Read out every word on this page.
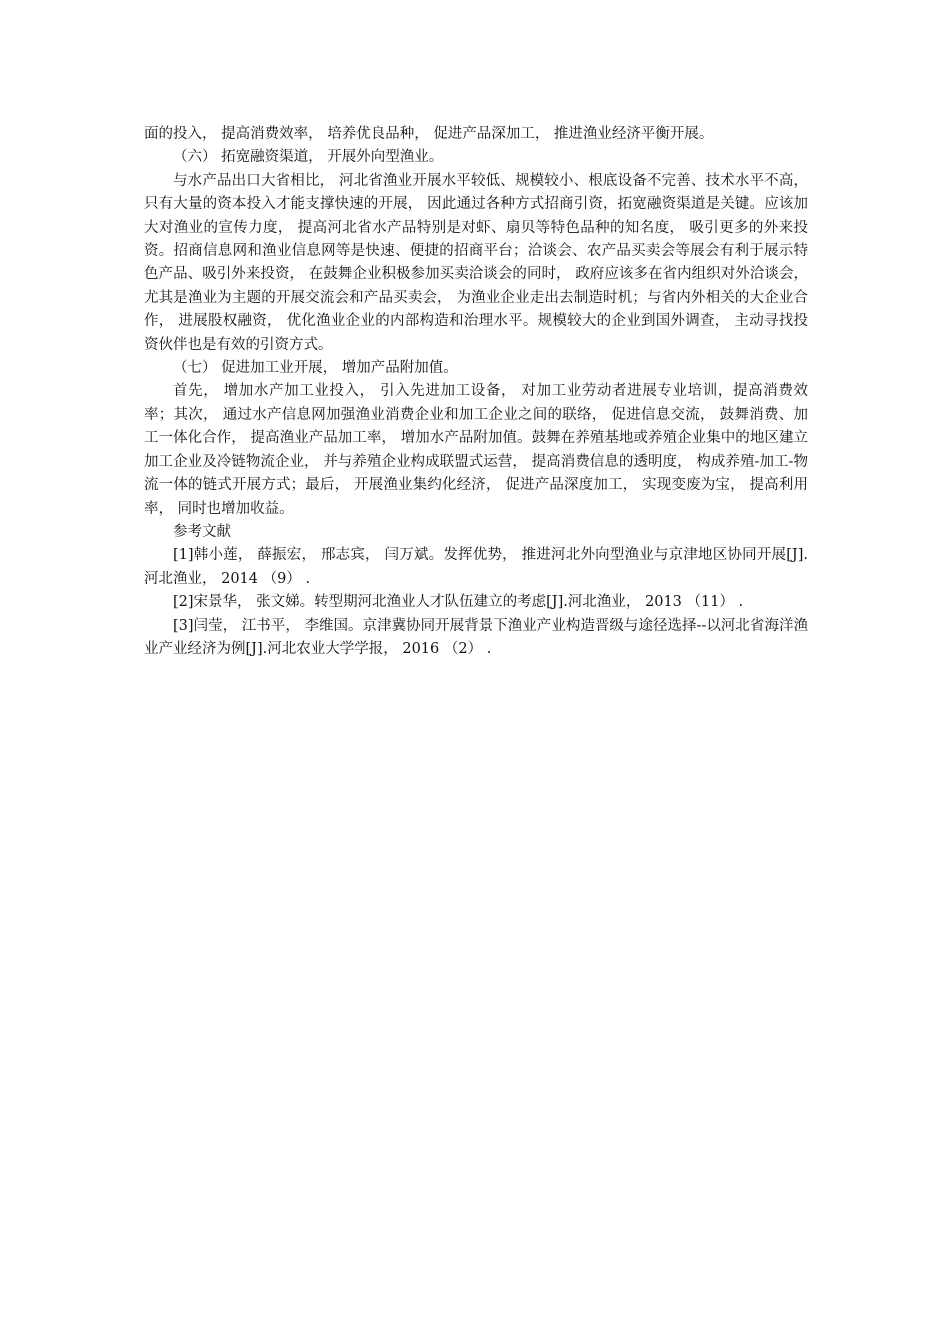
面的投入， 提高消费效率， 培养优良品种， 促进产品深加工， 推进渔业经济平衡开展。

（六） 拓宽融资渠道， 开展外向型渔业。

与水产品出口大省相比， 河北省渔业开展水平较低、规模较小、根底设备不完善、技术水平不高， 只有大量的资本投入才能支撑快速的开展， 因此通过各种方式招商引资，拓宽融资渠道是关键。应该加大对渔业的宣传力度， 提高河北省水产品特别是对虾、扇贝等特色品种的知名度， 吸引更多的外来投资。招商信息网和渔业信息网等是快速、便捷的招商平台；洽谈会、农产品买卖会等展会有利于展示特色产品、吸引外来投资， 在鼓舞企业积极参加买卖洽谈会的同时， 政府应该多在省内组织对外洽谈会， 尤其是渔业为主题的开展交流会和产品买卖会， 为渔业企业走出去制造时机；与省内外相关的大企业合作， 进展股权融资， 优化渔业企业的内部构造和治理水平。规模较大的企业到国外调查， 主动寻找投资伙伴也是有效的引资方式。

（七） 促进加工业开展， 增加产品附加值。

首先， 增加水产加工业投入， 引入先进加工设备， 对加工业劳动者进展专业培训，提高消费效率；其次， 通过水产信息网加强渔业消费企业和加工企业之间的联络， 促进信息交流， 鼓舞消费、加工一体化合作， 提高渔业产品加工率， 增加水产品附加值。鼓舞在养殖基地或养殖企业集中的地区建立加工企业及冷链物流企业， 并与养殖企业构成联盟式运营， 提高消费信息的透明度， 构成养殖-加工-物流一体的链式开展方式；最后， 开展渔业集约化经济， 促进产品深度加工， 实现变废为宝， 提高利用率， 同时也增加收益。

参考文献

[1]韩小莲， 薛振宏， 邢志宾， 闫万斌。发挥优势， 推进河北外向型渔业与京津地区协同开展[J].河北渔业， 2014 （9） .

[2]宋景华， 张文娣。转型期河北渔业人才队伍建立的考虑[J].河北渔业， 2013 （11） .

[3]闫莹， 江书平， 李维国。京津冀协同开展背景下渔业产业构造晋级与途径选择--以河北省海洋渔业产业经济为例[J].河北农业大学学报， 2016 （2） .
